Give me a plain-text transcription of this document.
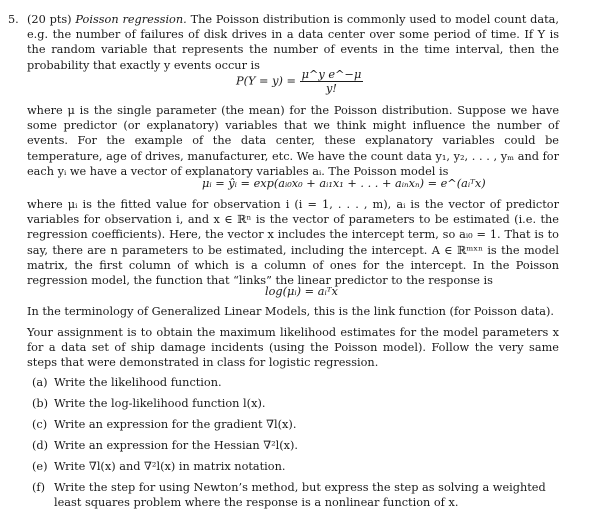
5. (20 pts) Poisson regression. The Poisson distribution is commonly used to model count data, e.g. the number of failures of disk drives in a data center over some period of time. If Y is the random variable that represents the number of events in the time interval, then the probability that exactly y events occur is
$P(Y = y) = \frac{\text{μ\textasciicircum{}y e\textasciicircum{}−μ}}{y!}$
where μ is the single parameter (the mean) for the Poisson distribution. Suppose we have some predictor (or explanatory) variables that we think might influence the number of events. For the example of the data center, these explanatory variables could be temperature, age of drives, manufacturer, etc. We have the count data y₁, y₂, . . . , yₘ and for each yᵢ we have a vector of explanatory variables aᵢ. The Poisson model is
μᵢ = ŷᵢ = exp(aᵢ₀x₀ + aᵢ₁x₁ + . . . + aᵢₙxₙ) = e^(aᵢᵀx)
where μᵢ is the fitted value for observation i (i = 1, . . . , m), aᵢ is the vector of predictor variables for observation i, and x ∈ ℝⁿ is the vector of parameters to be estimated (i.e. the regression coefficients). Here, the vector x includes the intercept term, so aᵢ₀ = 1. That is to say, there are n parameters to be estimated, including the intercept. A ∈ ℝᵐˣⁿ is the model matrix, the first column of which is a column of ones for the intercept. In the Poisson regression model, the function that “links” the linear predictor to the response is
log(μᵢ) = aᵢᵀx
In the terminology of Generalized Linear Models, this is the link function (for Poisson data).
Your assignment is to obtain the maximum likelihood estimates for the model parameters x for a data set of ship damage incidents (using the Poisson model). Follow the very same steps that were demonstrated in class for logistic regression.
(a) Write the likelihood function.
(b) Write the log-likelihood function l(x).
(c) Write an expression for the gradient ∇l(x).
(d) Write an expression for the Hessian ∇²l(x).
(e) Write ∇l(x) and ∇²l(x) in matrix notation.
(f) Write the step for using Newton’s method, but express the step as solving a weighted least squares problem where the response is a nonlinear function of x.
